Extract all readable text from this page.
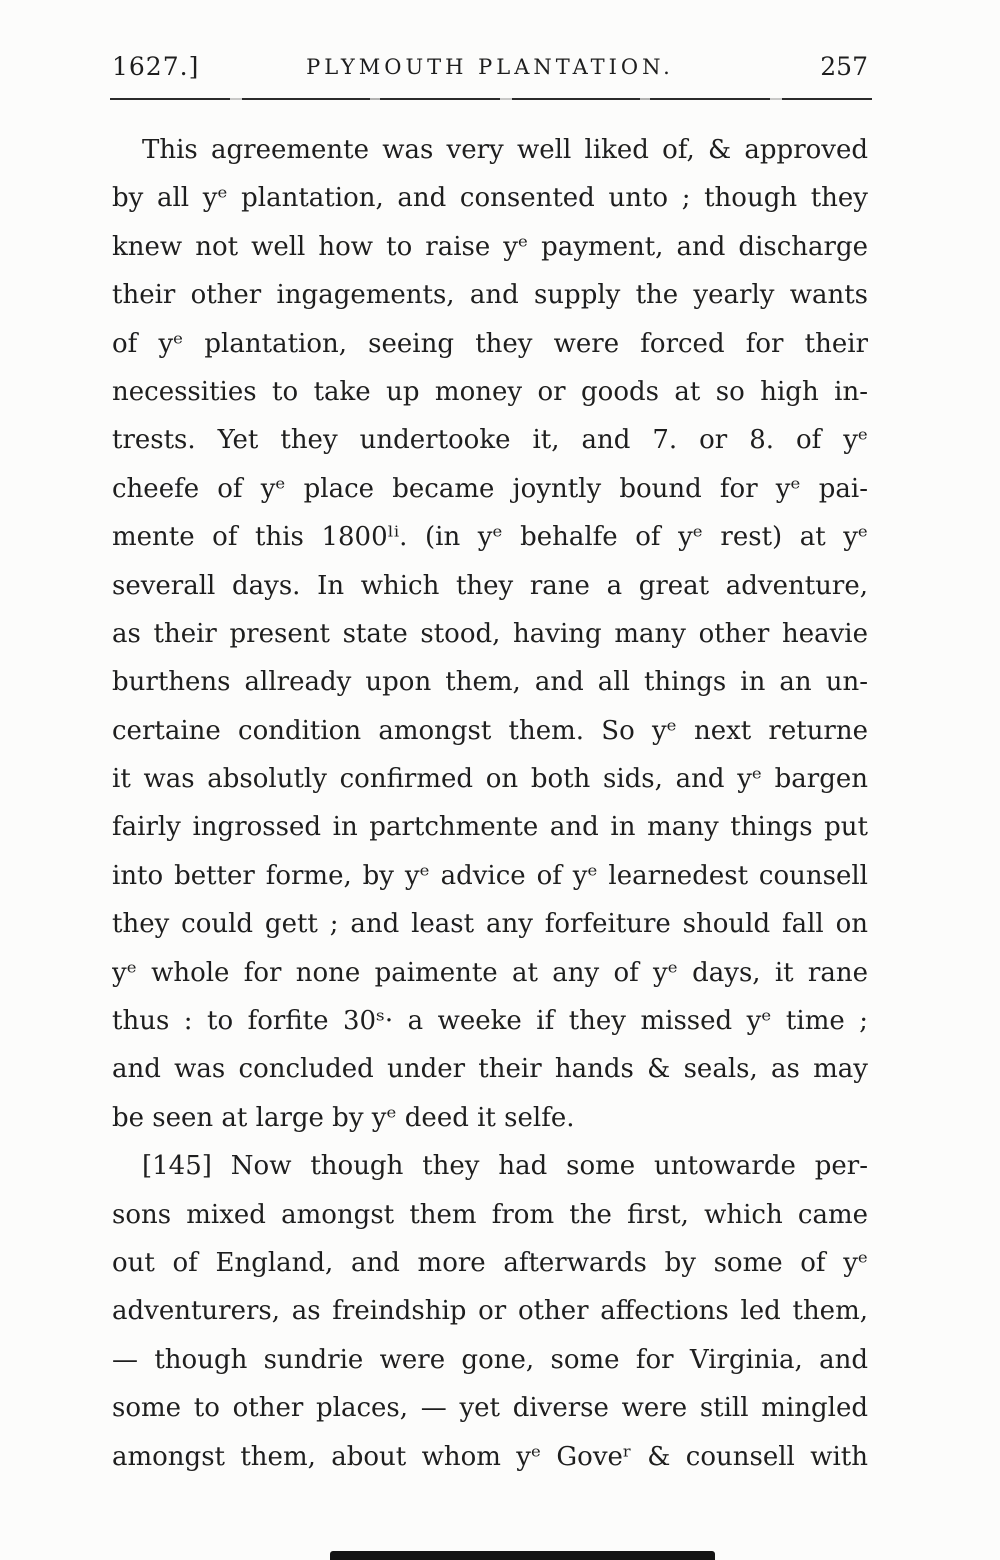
1627.]	PLYMOUTH PLANTATION.	257
This agreemente was very well liked of, & approved
by all yᵉ plantation, and consented unto ; though they
knew not well how to raise yᵉ payment, and discharge
their other ingagements, and supply the yearly wants
of yᵉ plantation, seeing they were forced for their
necessities to take up money or goods at so high in-
trests. Yet they undertooke it, and 7. or 8. of yᵉ
cheefe of yᵉ place became joyntly bound for yᵉ pai-
mente of this 1800ˡⁱ. (in yᵉ behalfe of yᵉ rest) at yᵉ
severall days. In which they rane a great adventure,
as their present state stood, having many other heavie
burthens allready upon them, and all things in an un-
certaine condition amongst them. So yᵉ next returne
it was absolutly confirmed on both sids, and yᵉ bargen
fairly ingrossed in partchmente and in many things put
into better forme, by yᵉ advice of yᵉ learnedest counsell
they could gett ; and least any forfeiture should fall on
yᵉ whole for none paimente at any of yᵉ days, it rane
thus : to forfite 30ˢ· a weeke if they missed yᵉ time ;
and was concluded under their hands & seals, as may
be seen at large by yᵉ deed it selfe.
[145] Now though they had some untowarde per-
sons mixed amongst them from the first, which came
out of England, and more afterwards by some of yᵉ
adventurers, as freindship or other affections led them,
— though sundrie were gone, some for Virginia, and
some to other places, — yet diverse were still mingled
amongst them, about whom yᵉ Goveʳ & counsell with
